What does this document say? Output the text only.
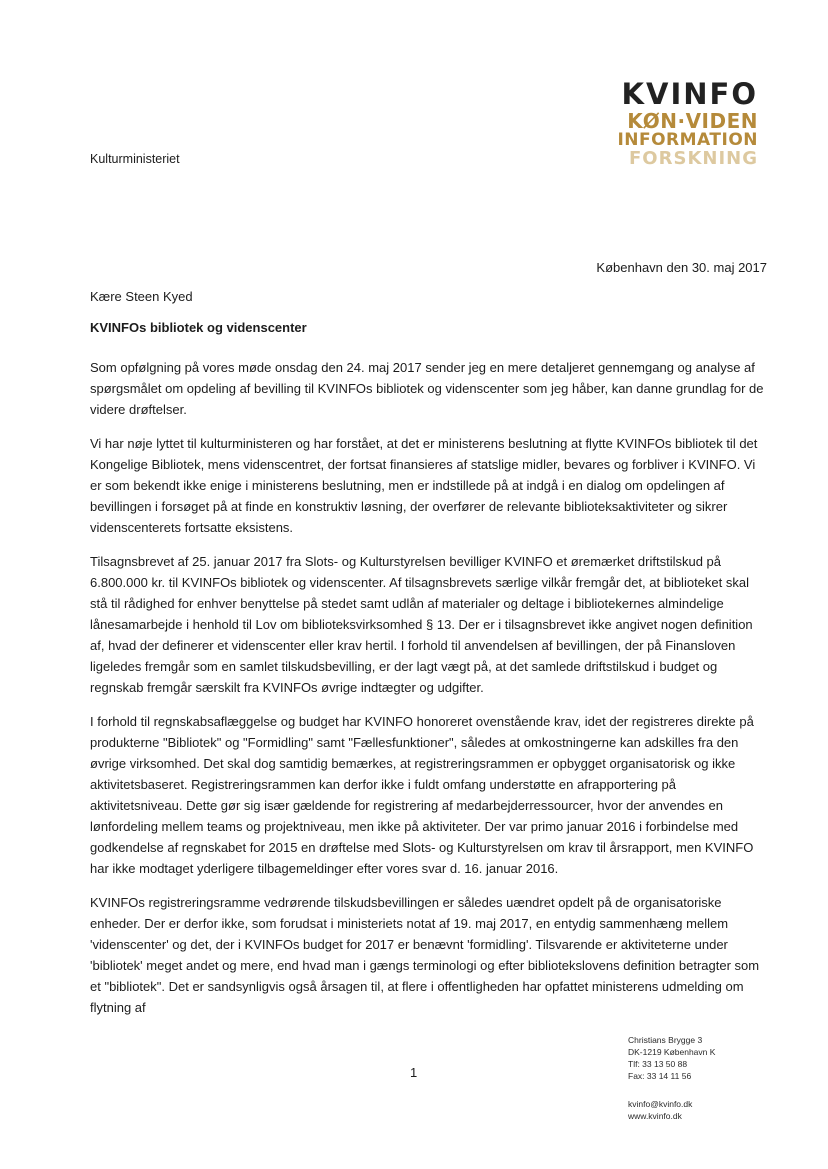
KVINFO
KØN·VIDEN
INFORMATION
FORSKNING
Kulturministeriet
København den 30. maj 2017
Kære Steen Kyed
KVINFOs bibliotek og videnscenter

Som opfølgning på vores møde onsdag den 24. maj 2017 sender jeg en mere detaljeret gennemgang og analyse af spørgsmålet om opdeling af bevilling til KVINFOs bibliotek og videnscenter som jeg håber, kan danne grundlag for de videre drøftelser.

Vi har nøje lyttet til kulturministeren og har forstået, at det er ministerens beslutning at flytte KVINFOs bibliotek til det Kongelige Bibliotek, mens videnscentret, der fortsat finansieres af statslige midler, bevares og forbliver i KVINFO. Vi er som bekendt ikke enige i ministerens beslutning, men er indstillede på at indgå i en dialog om opdelingen af bevillingen i forsøget på at finde en konstruktiv løsning, der overfører de relevante biblioteksaktiviteter og sikrer videnscenterets fortsatte eksistens.

Tilsagnsbrevet af 25. januar 2017 fra Slots- og Kulturstyrelsen bevilliger KVINFO et øremærket driftstilskud på 6.800.000 kr. til KVINFOs bibliotek og videnscenter. Af tilsagnsbrevets særlige vilkår fremgår det, at biblioteket skal stå til rådighed for enhver benyttelse på stedet samt udlån af materialer og deltage i bibliotekernes almindelige lånesamarbejde i henhold til Lov om biblioteksvirksomhed § 13. Der er i tilsagnsbrevet ikke angivet nogen definition af, hvad der definerer et videnscenter eller krav hertil. I forhold til anvendelsen af bevillingen, der på Finansloven ligeledes fremgår som en samlet tilskudsbevilling, er der lagt vægt på, at det samlede driftstilskud i budget og regnskab fremgår særskilt fra KVINFOs øvrige indtægter og udgifter.

I forhold til regnskabsaflæggelse og budget har KVINFO honoreret ovenstående krav, idet der registreres direkte på produkterne "Bibliotek" og "Formidling" samt "Fællesfunktioner", således at omkostningerne kan adskilles fra den øvrige virksomhed. Det skal dog samtidig bemærkes, at registreringsrammen er opbygget organisatorisk og ikke aktivitetsbaseret. Registreringsrammen kan derfor ikke i fuldt omfang understøtte en afrapportering på aktivitetsniveau. Dette gør sig især gældende for registrering af medarbejderressourcer, hvor der anvendes en lønfordeling mellem teams og projektniveau, men ikke på aktiviteter. Der var primo januar 2016 i forbindelse med godkendelse af regnskabet for 2015 en drøftelse med Slots- og Kulturstyrelsen om krav til årsrapport, men KVINFO har ikke modtaget yderligere tilbagemeldinger efter vores svar d. 16. januar 2016.

KVINFOs registreringsramme vedrørende tilskudsbevillingen er således uændret opdelt på de organisatoriske enheder. Der er derfor ikke, som forudsat i ministeriets notat af 19. maj 2017, en entydig sammenhæng mellem 'videnscenter' og det, der i KVINFOs budget for 2017 er benævnt 'formidling'. Tilsvarende er aktiviteterne under 'bibliotek' meget andet og mere, end hvad man i gængs terminologi og efter bibliotekslovens definition betragter som et "bibliotek". Det er sandsynligvis også årsagen til, at flere i offentligheden har opfattet ministerens udmelding om flytning af

1
Christians Brygge 3
DK-1219 København K
Tlf: 33 13 50 88
Fax: 33 14 11 56
kvinfo@kvinfo.dk
www.kvinfo.dk
